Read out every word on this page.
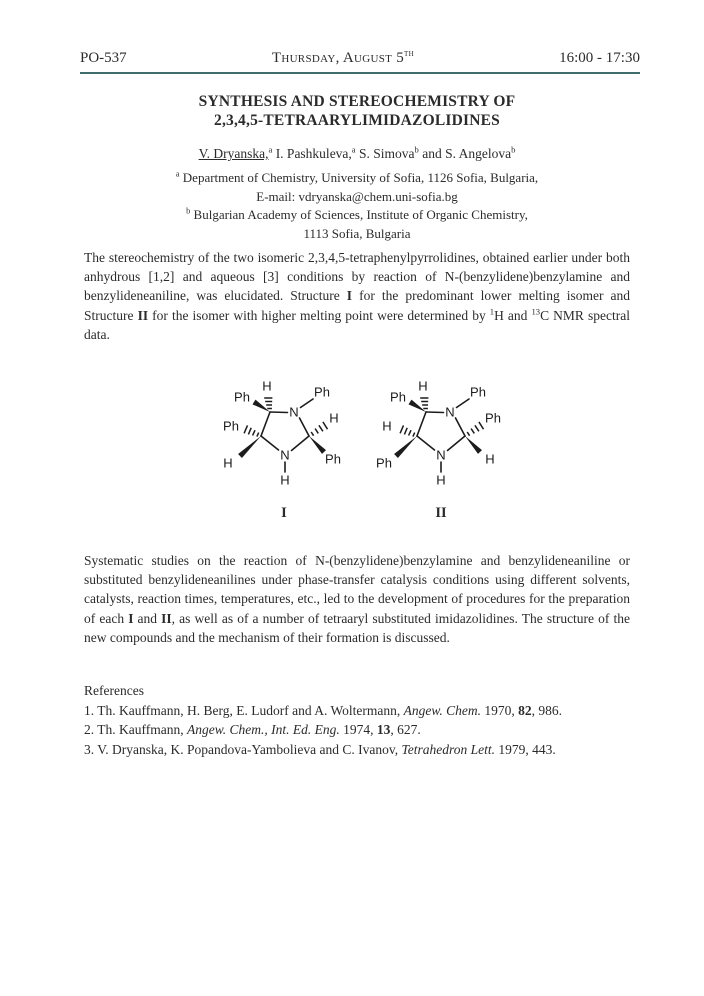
PO-537	Thursday, August 5th	16:00 - 17:30
SYNTHESIS AND STEREOCHEMISTRY OF
2,3,4,5-TETRAARYLIMIDAZOLIDINES
V. Dryanska,$^a$ I. Pashkuleva,$^a$ S. Simova$^b$ and S. Angelova$^b$
$^a$ Department of Chemistry, University of Sofia, 1126 Sofia, Bulgaria,
E-mail: vdryanska@chem.uni-sofia.bg
$^b$ Bulgarian Academy of Sciences, Institute of Organic Chemistry,
1113 Sofia, Bulgaria
The stereochemistry of the two isomeric 2,3,4,5-tetraphenylpyrrolidines, obtained earlier under both anhydrous [1,2] and aqueous [3] conditions by reaction of N-(benzylidene)benzylamine and benzylideneaniline, was elucidated. Structure I for the predominant lower melting isomer and Structure II for the isomer with higher melting point were determined by $^1$H and $^{13}$C NMR spectral data.
N
N
H
Ph
Ph
H
Ph
H
Ph
H
N
N
H
Ph
H
Ph
Ph
Ph
H
H
I	II
Systematic studies on the reaction of N-(benzylidene)benzylamine and benzylideneaniline or substituted benzylideneanilines under phase-transfer catalysis conditions using different solvents, catalysts, reaction times, temperatures, etc., led to the development of procedures for the preparation of each I and II, as well as of a number of tetraaryl substituted imidazolidines. The structure of the new compounds and the mechanism of their formation is discussed.
References
1. Th. Kauffmann, H. Berg, E. Ludorf and A. Woltermann, Angew. Chem. 1970, 82, 986.
2. Th. Kauffmann, Angew. Chem., Int. Ed. Eng. 1974, 13, 627.
3. V. Dryanska, K. Popandova-Yambolieva and C. Ivanov, Tetrahedron Lett. 1979, 443.
